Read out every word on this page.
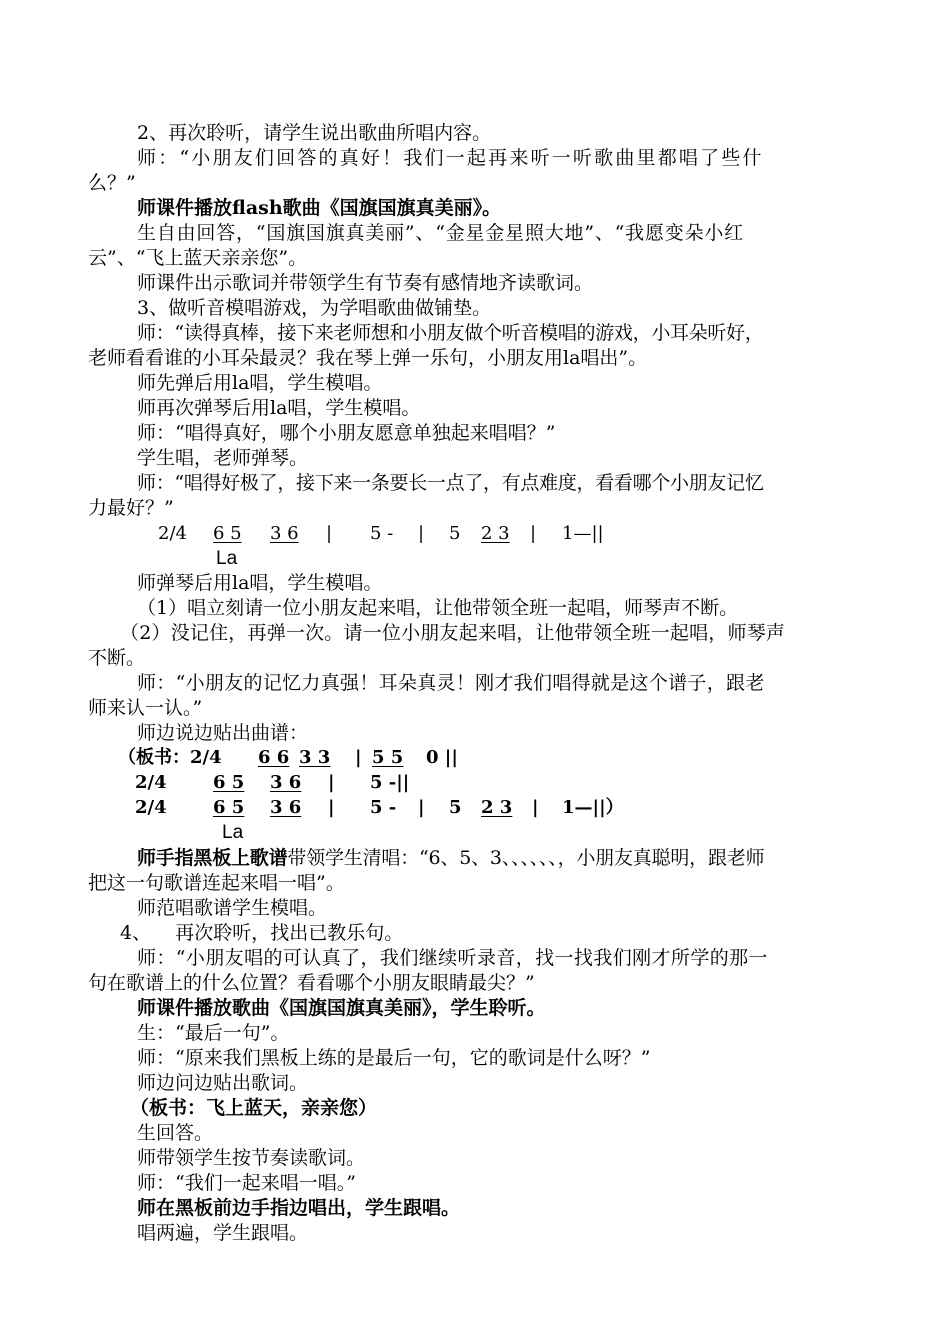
2、再次聆听，请学生说出歌曲所唱内容。
师：“小朋友们回答的真好！我们一起再来听一听歌曲里都唱了些什
么？”
师课件播放flash歌曲《国旗国旗真美丽》。
生自由回答，“国旗国旗真美丽”、“金星金星照大地”、“我愿变朵小红
云”、“飞上蓝天亲亲您”。
师课件出示歌词并带领学生有节奏有感情地齐读歌词。
3、做听音模唱游戏，为学唱歌曲做铺垫。
师：“读得真棒，接下来老师想和小朋友做个听音模唱的游戏，小耳朵听好，
老师看看谁的小耳朵最灵？我在琴上弹一乐句，小朋友用la唱出”。
师先弹后用la唱，学生模唱。
师再次弹琴后用la唱，学生模唱。
师：“唱得真好，哪个小朋友愿意单独起来唱唱？”
学生唱，老师弹琴。
师：“唱得好极了，接下来一条要长一点了，有点难度，看看哪个小朋友记忆
力最好？”
2/4 6 5 3 6 | 5 - | 5 2 3 | 1—||
La
师弹琴后用la唱，学生模唱。
（1）唱立刻请一位小朋友起来唱，让他带领全班一起唱，师琴声不断。
（2）没记住，再弹一次。请一位小朋友起来唱，让他带领全班一起唱，师琴声
不断。
师：“小朋友的记忆力真强！耳朵真灵！刚才我们唱得就是这个谱子，跟老
师来认一认。”
师边说边贴出曲谱：
（板书：2/4 6 6 3 3 | 5 5 0 ||
2/4	6 5 3 6 | 5 -||
2/4	6 5 3 6 | 5 - | 5 2 3 | 1—||）
La
师手指黑板上歌谱带领学生清唱：“6、5、3、、、、、、，小朋友真聪明，跟老师
把这一句歌谱连起来唱一唱”。
师范唱歌谱学生模唱。
4、    再次聆听，找出已教乐句。
师：“小朋友唱的可认真了，我们继续听录音，找一找我们刚才所学的那一
句在歌谱上的什么位置？看看哪个小朋友眼睛最尖？”
师课件播放歌曲《国旗国旗真美丽》，学生聆听。
生：“最后一句”。
师：“原来我们黑板上练的是最后一句，它的歌词是什么呀？”
师边问边贴出歌词。
（板书：飞上蓝天，亲亲您）
生回答。
师带领学生按节奏读歌词。
师：“我们一起来唱一唱。”
师在黑板前边手指边唱出，学生跟唱。
唱两遍，学生跟唱。
